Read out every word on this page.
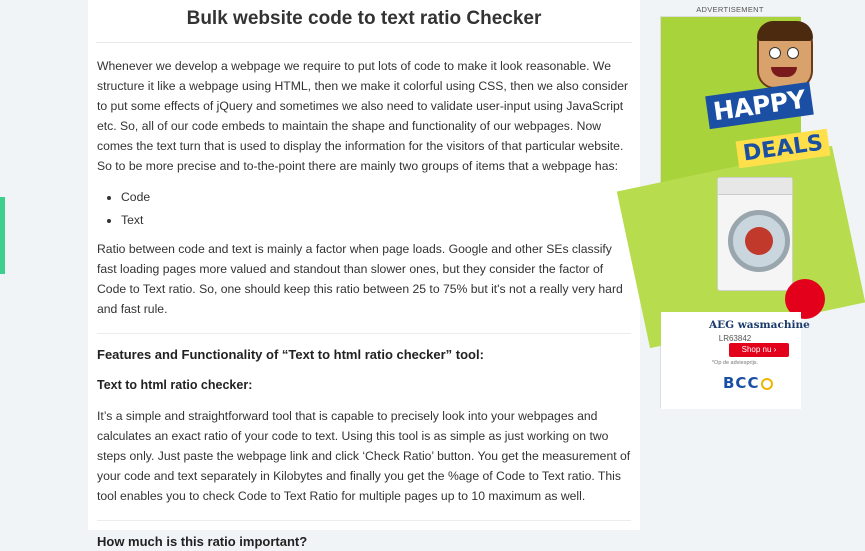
Bulk website code to text ratio Checker

Whenever we develop a webpage we require to put lots of code to make it look reasonable. We structure it like a webpage using HTML, then we make it colorful using CSS, then we also consider to put some effects of jQuery and sometimes we also need to validate user-input using JavaScript etc. So, all of our code embeds to maintain the shape and functionality of our webpages. Now comes the text turn that is used to display the information for the visitors of that particular website. So to be more precise and to-the-point there are mainly two groups of items that a webpage has:

• Code
• Text

Ratio between code and text is mainly a factor when page loads. Google and other SEs classify fast loading pages more valued and standout than slower ones, but they consider the factor of Code to Text ratio. So, one should keep this ratio between 25 to 75% but it's not a really very hard and fast rule.

Features and Functionality of “Text to html ratio checker” tool:
Text to html ratio checker:

It’s a simple and straightforward tool that is capable to precisely look into your webpages and calculates an exact ratio of your code to text. Using this tool is as simple as just working on two steps only. Just paste the webpage link and click ‘Check Ratio’ button. You get the measurement of your code and text separately in Kilobytes and finally you get the %age of Code to Text ratio. This tool enables you to check Code to Text Ratio for multiple pages up to 10 maximum as well.

How much is this ratio important?
ADVERTISEMENT
HAPPY
DEALS
AEG wasmachine
LR63842
Shop nu ›
*Op de adviesprijs.
BCC
